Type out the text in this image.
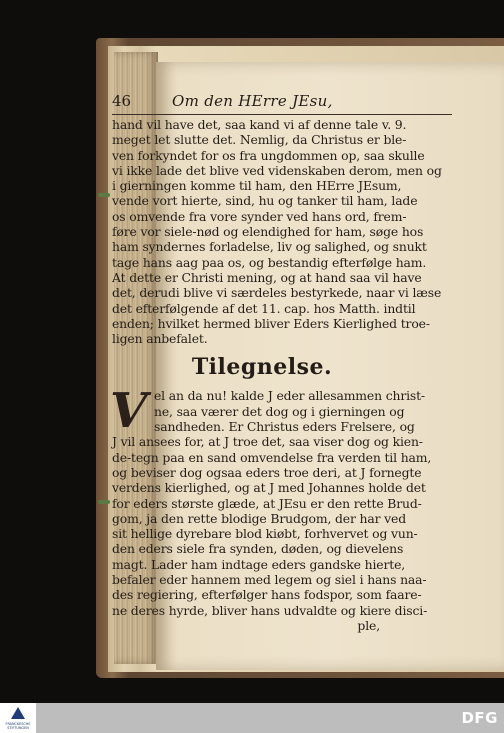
46	Om den HErre JEsu,
hand vil have det, saa kand vi af denne tale v. 9.
meget let slutte det. Nemlig, da Christus er ble-
ven forkyndet for os fra ungdommen op, saa skulle
vi ikke lade det blive ved videnskaben derom, men og
i gierningen komme til ham, den HErre JEsum,
vende vort hierte, sind, hu og tanker til ham, lade
os omvende fra vore synder ved hans ord, frem-
føre vor siele-nød og elendighed for ham, søge hos
ham syndernes forladelse, liv og salighed, og snukt
tage hans aag paa os, og bestandig efterfølge ham.
At dette er Christi mening, og at hand saa vil have
det, derudi blive vi særdeles bestyrkede, naar vi læse
det efterfølgende af det 11. cap. hos Matth. indtil
enden; hvilket hermed bliver Eders Kierlighed troe-
ligen anbefalet.
Tilegnelse.
V el an da nu! kalde J eder allesammen christ-
ne, saa værer det dog og i gierningen og
sandheden. Er Christus eders Frelsere, og
J vil ansees for, at J troe det, saa viser dog og kien-
de-tegn paa en sand omvendelse fra verden til ham,
og beviser dog ogsaa eders troe deri, at J fornegte
verdens kierlighed, og at J med Johannes holde det
for eders største glæde, at JEsu er den rette Brud-
gom, ja den rette blodige Brudgom, der har ved
sit hellige dyrebare blod kiøbt, forhvervet og vun-
den eders siele fra synden, døden, og dievelens
magt. Lader ham indtage eders gandske hierte,
befaler eder hannem med legem og siel i hans naa-
des regiering, efterfølger hans fodspor, som faare-
ne deres hyrde, bliver hans udvaldte og kiere disci-
ple,
FRANCKESCHE STIFTUNGEN
DFG
